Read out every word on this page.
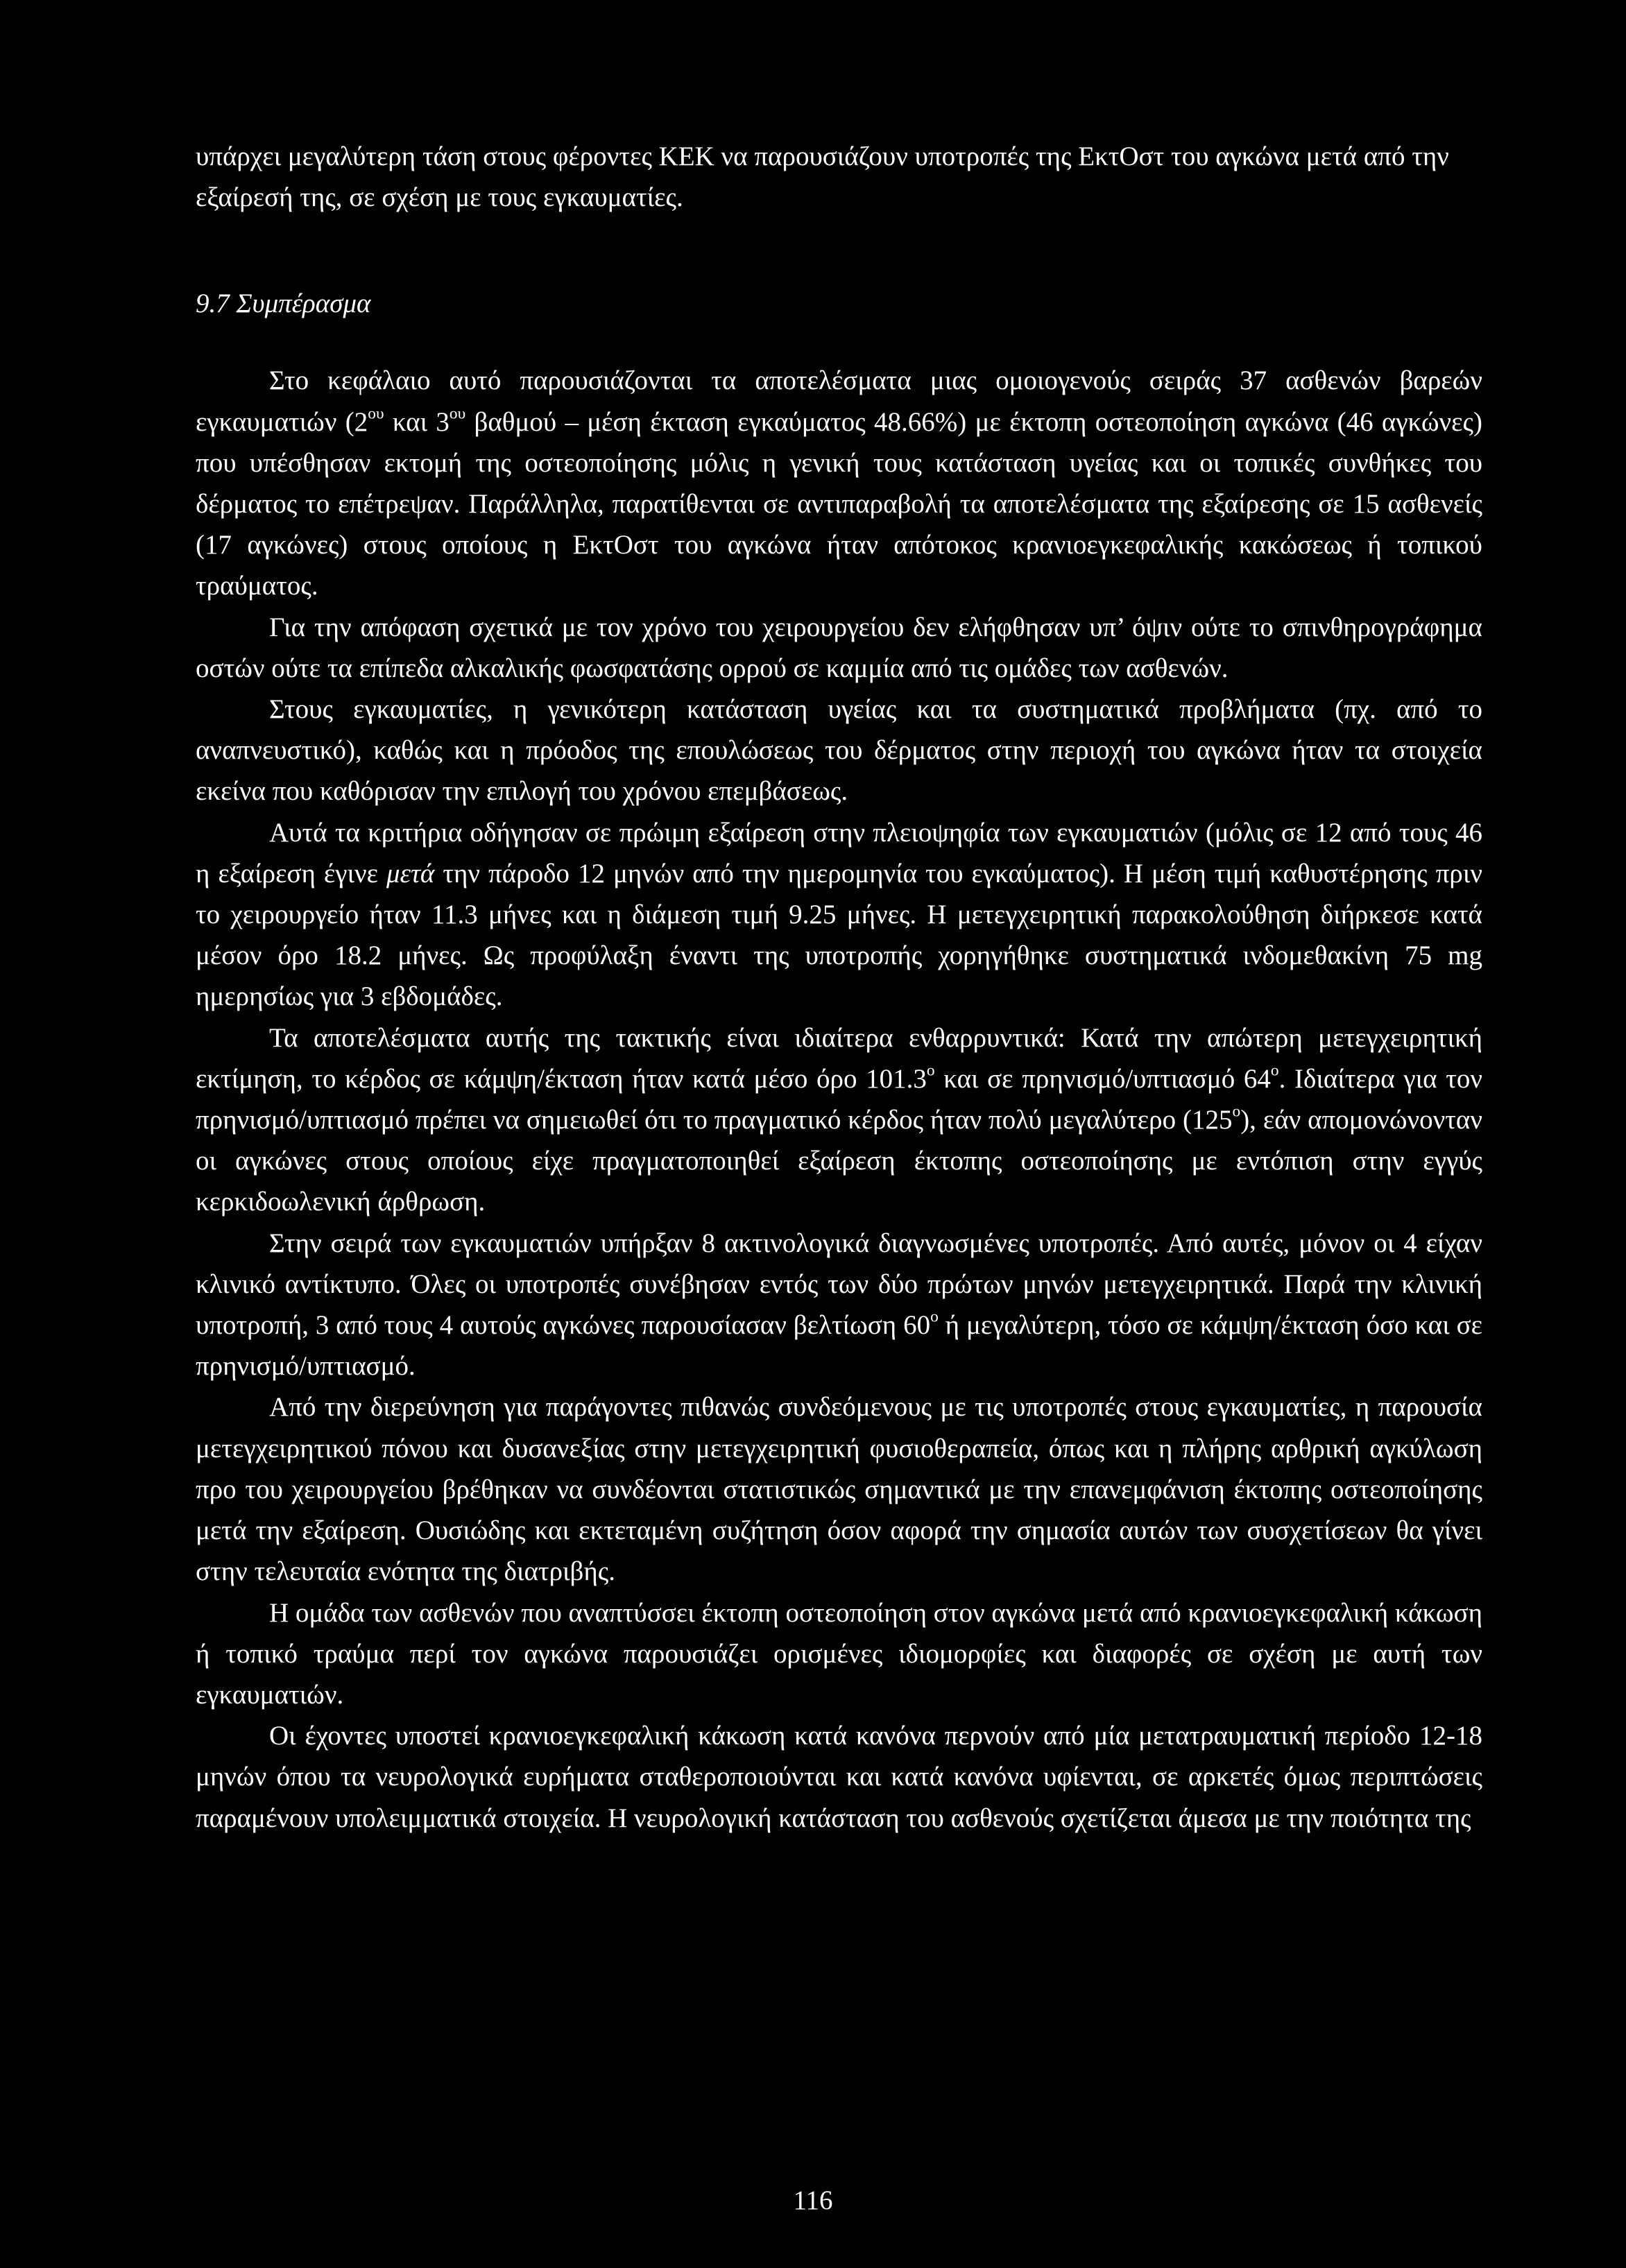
υπάρχει μεγαλύτερη τάση στους φέροντες ΚΕΚ να παρουσιάζουν υποτροπές της ΕκτΟστ του αγκώνα μετά από την εξαίρεσή της, σε σχέση με τους εγκαυματίες.

9.7 Συμπέρασμα

Στο κεφάλαιο αυτό παρουσιάζονται τα αποτελέσματα μιας ομοιογενούς σειράς 37 ασθενών βαρεών εγκαυματιών ($2^{o\upsilon}$ και $3^{o\upsilon}$ βαθμού – μέση έκταση εγκαύματος 48.66%) με έκτοπη οστεοποίηση αγκώνα (46 αγκώνες) που υπέσθησαν εκτομή της οστεοποίησης μόλις η γενική τους κατάσταση υγείας και οι τοπικές συνθήκες του δέρματος το επέτρεψαν. Παράλληλα, παρατίθενται σε αντιπαραβολή τα αποτελέσματα της εξαίρεσης σε 15 ασθενείς (17 αγκώνες) στους οποίους η ΕκτΟστ του αγκώνα ήταν απότοκος κρανιοεγκεφαλικής κακώσεως ή τοπικού τραύματος.

Για την απόφαση σχετικά με τον χρόνο του χειρουργείου δεν ελήφθησαν υπ’ όψιν ούτε το σπινθηρογράφημα οστών ούτε τα επίπεδα αλκαλικής φωσφατάσης ορρού σε καμμία από τις ομάδες των ασθενών.

Στους εγκαυματίες, η γενικότερη κατάσταση υγείας και τα συστηματικά προβλήματα (πχ. από το αναπνευστικό), καθώς και η πρόοδος της επουλώσεως του δέρματος στην περιοχή του αγκώνα ήταν τα στοιχεία εκείνα που καθόρισαν την επιλογή του χρόνου επεμβάσεως.

Αυτά τα κριτήρια οδήγησαν σε πρώιμη εξαίρεση στην πλειοψηφία των εγκαυματιών (μόλις σε 12 από τους 46 η εξαίρεση έγινε μετά την πάροδο 12 μηνών από την ημερομηνία του εγκαύματος). Η μέση τιμή καθυστέρησης πριν το χειρουργείο ήταν 11.3 μήνες και η διάμεση τιμή 9.25 μήνες. Η μετεγχειρητική παρακολούθηση διήρκεσε κατά μέσον όρο 18.2 μήνες. Ως προφύλαξη έναντι της υποτροπής χορηγήθηκε συστηματικά ινδομεθακίνη 75 mg ημερησίως για 3 εβδομάδες.

Τα αποτελέσματα αυτής της τακτικής είναι ιδιαίτερα ενθαρρυντικά: Κατά την απώτερη μετεγχειρητική εκτίμηση, το κέρδος σε κάμψη/έκταση ήταν κατά μέσο όρο $101.3^o$ και σε πρηνισμό/υπτιασμό $64^o$. Ιδιαίτερα για τον πρηνισμό/υπτιασμό πρέπει να σημειωθεί ότι το πραγματικό κέρδος ήταν πολύ μεγαλύτερο $(125^o)$, εάν απομονώνονταν οι αγκώνες στους οποίους είχε πραγματοποιηθεί εξαίρεση έκτοπης οστεοποίησης με εντόπιση στην εγγύς κερκιδοωλενική άρθρωση.

Στην σειρά των εγκαυματιών υπήρξαν 8 ακτινολογικά διαγνωσμένες υποτροπές. Από αυτές, μόνον οι 4 είχαν κλινικό αντίκτυπο. Όλες οι υποτροπές συνέβησαν εντός των δύο πρώτων μηνών μετεγχειρητικά. Παρά την κλινική υποτροπή, 3 από τους 4 αυτούς αγκώνες παρουσίασαν βελτίωση $60^o$ ή μεγαλύτερη, τόσο σε κάμψη/έκταση όσο και σε πρηνισμό/υπτιασμό.

Από την διερεύνηση για παράγοντες πιθανώς συνδεόμενους με τις υποτροπές στους εγκαυματίες, η παρουσία μετεγχειρητικού πόνου και δυσανεξίας στην μετεγχειρητική φυσιοθεραπεία, όπως και η πλήρης αρθρική αγκύλωση προ του χειρουργείου βρέθηκαν να συνδέονται στατιστικώς σημαντικά με την επανεμφάνιση έκτοπης οστεοποίησης μετά την εξαίρεση. Ουσιώδης και εκτεταμένη συζήτηση όσον αφορά την σημασία αυτών των συσχετίσεων θα γίνει στην τελευταία ενότητα της διατριβής.

Η ομάδα των ασθενών που αναπτύσσει έκτοπη οστεοποίηση στον αγκώνα μετά από κρανιοεγκεφαλική κάκωση ή τοπικό τραύμα περί τον αγκώνα παρουσιάζει ορισμένες ιδιομορφίες και διαφορές σε σχέση με αυτή των εγκαυματιών.

Οι έχοντες υποστεί κρανιοεγκεφαλική κάκωση κατά κανόνα περνούν από μία μετατραυματική περίοδο 12-18 μηνών όπου τα νευρολογικά ευρήματα σταθεροποιούνται και κατά κανόνα υφίενται, σε αρκετές όμως περιπτώσεις παραμένουν υπολειμματικά στοιχεία. Η νευρολογική κατάσταση του ασθενούς σχετίζεται άμεσα με την ποιότητα της

116
